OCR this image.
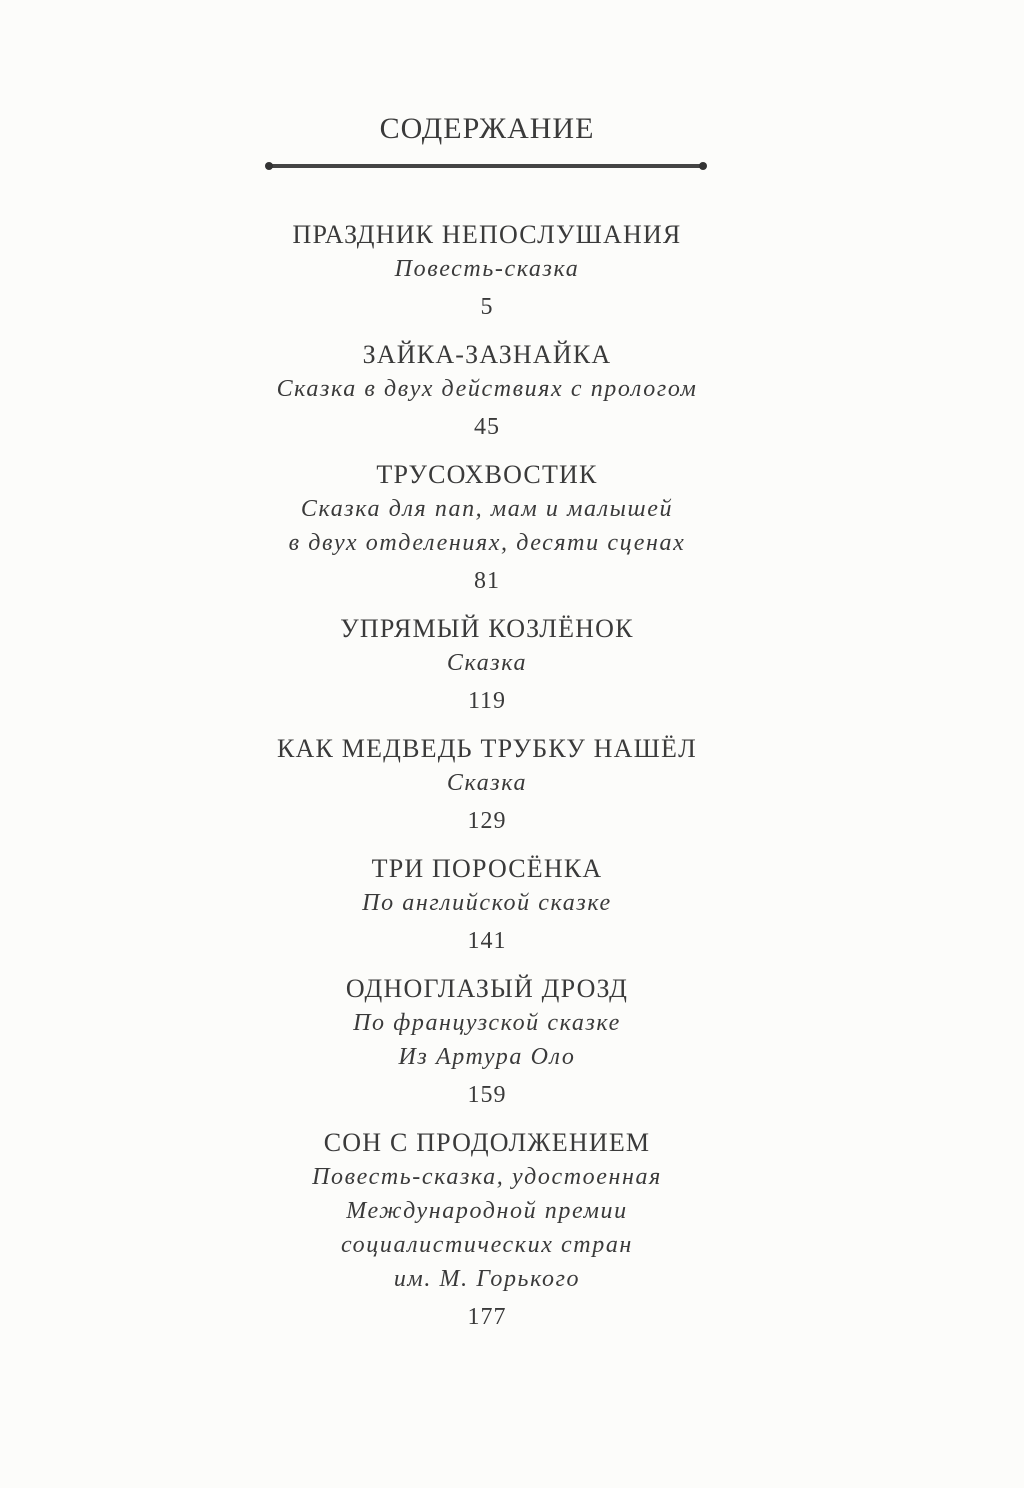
СОДЕРЖАНИЕ
ПРАЗДНИК НЕПОСЛУШАНИЯ
Повесть-сказка
5
ЗАЙКА-ЗАЗНАЙКА
Сказка в двух действиях с прологом
45
ТРУСОХВОСТИК
Сказка для пап, мам и малышей
в двух отделениях, десяти сценах
81
УПРЯМЫЙ КОЗЛЁНОК
Сказка
119
КАК МЕДВЕДЬ ТРУБКУ НАШЁЛ
Сказка
129
ТРИ ПОРОСЁНКА
По английской сказке
141
ОДНОГЛАЗЫЙ ДРОЗД
По французской сказке
Из Артура Оло
159
СОН С ПРОДОЛЖЕНИЕМ
Повесть-сказка, удостоенная
Международной премии
социалистических стран
им. М. Горького
177
